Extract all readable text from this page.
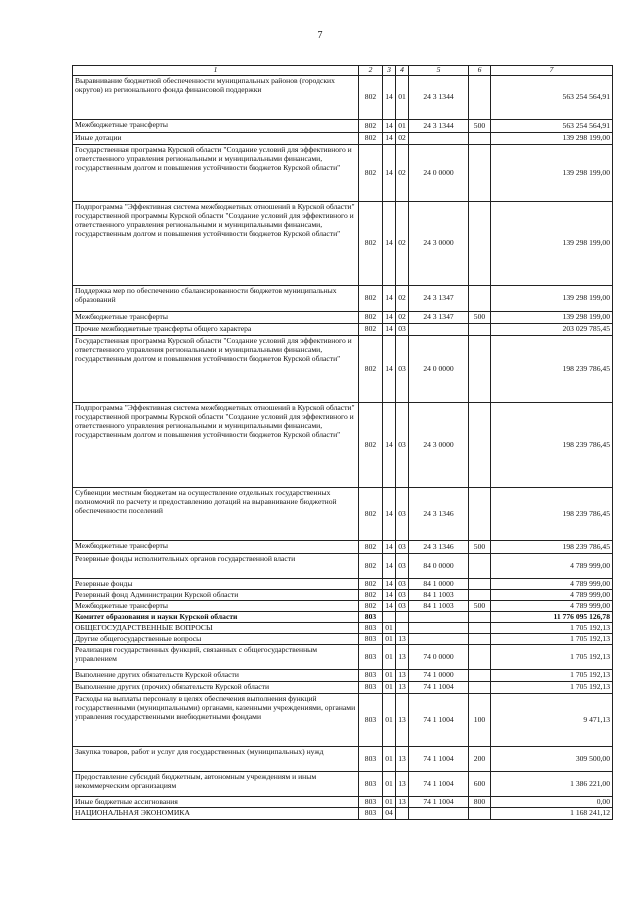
7
1	2	3	4	5	6	7
Выравнивание бюджетной обеспеченности муниципальных районов (городских округов) из регионального фонда финансовой поддержки	802	14	01	24 3 1344		563 254 564,91
Межбюджетные трансферты	802	14	01	24 3 1344	500	563 254 564,91
Иные дотации	802	14	02			139 298 199,00
Государственная программа Курской области "Создание условий для эффективного и ответственного управления региональными и муниципальными финансами, государственным долгом и повышения устойчивости бюджетов Курской области"	802	14	02	24 0 0000		139 298 199,00
Подпрограмма "Эффективная система межбюджетных отношений в Курской области" государственной программы Курской области "Создание условий для эффективного и ответственного управления региональными и муниципальными финансами, государственным долгом и повышения устойчивости бюджетов Курской области"	802	14	02	24 3 0000		139 298 199,00
Поддержка мер по обеспечению сбалансированности бюджетов муниципальных образований	802	14	02	24 3 1347		139 298 199,00
Межбюджетные трансферты	802	14	02	24 3 1347	500	139 298 199,00
Прочие межбюджетные трансферты общего характера	802	14	03			203 029 785,45
Государственная программа Курской области "Создание условий для эффективного и ответственного управления региональными и муниципальными финансами, государственным долгом и повышения устойчивости бюджетов Курской области"	802	14	03	24 0 0000		198 239 786,45
Подпрограмма "Эффективная система межбюджетных отношений в Курской области" государственной программы Курской области "Создание условий для эффективного и ответственного управления региональными и муниципальными финансами, государственным долгом и повышения устойчивости бюджетов Курской области"	802	14	03	24 3 0000		198 239 786,45
Субвенции местным бюджетам на осуществление отдельных государственных полномочий по расчету и предоставлению дотаций на выравнивание бюджетной обеспеченности поселений	802	14	03	24 3 1346		198 239 786,45
Межбюджетные трансферты	802	14	03	24 3 1346	500	198 239 786,45
Резервные фонды исполнительных органов государственной власти	802	14	03	84 0 0000		4 789 999,00
Резервные фонды	802	14	03	84 1 0000		4 789 999,00
Резервный фонд Администрации Курской области	802	14	03	84 1 1003		4 789 999,00
Межбюджетные трансферты	802	14	03	84 1 1003	500	4 789 999,00
Комитет образования и науки Курской области	803					11 776 095 126,78
ОБЩЕГОСУДАРСТВЕННЫЕ ВОПРОСЫ	803	01				1 705 192,13
Другие общегосударственные вопросы	803	01	13			1 705 192,13
Реализация государственных функций, связанных с общегосударственным управлением	803	01	13	74 0 0000		1 705 192,13
Выполнение других обязательств Курской области	803	01	13	74 1 0000		1 705 192,13
Выполнение других (прочих) обязательств Курской области	803	01	13	74 1 1004		1 705 192,13
Расходы на выплаты персоналу в целях обеспечения выполнения функций государственными (муниципальными) органами, казенными учреждениями, органами управления государственными внебюджетными фондами	803	01	13	74 1 1004	100	9 471,13
Закупка товаров, работ и услуг для государственных (муниципальных) нужд	803	01	13	74 1 1004	200	309 500,00
Предоставление субсидий бюджетным, автономным учреждениям и иным некоммерческим организациям	803	01	13	74 1 1004	600	1 386 221,00
Иные бюджетные ассигнования	803	01	13	74 1 1004	800	0,00
НАЦИОНАЛЬНАЯ ЭКОНОМИКА	803	04				1 168 241,12
